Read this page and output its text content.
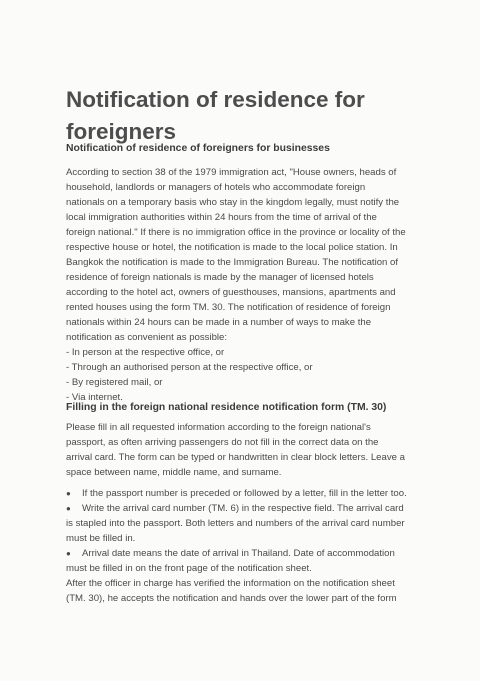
Notification of residence for
foreigners

Notification of residence of foreigners for businesses

According to section 38 of the 1979 immigration act, "House owners, heads of
household, landlords or managers of hotels who accommodate foreign
nationals on a temporary basis who stay in the kingdom legally, must notify the
local immigration authorities within 24 hours from the time of arrival of the
foreign national." If there is no immigration office in the province or locality of the
respective house or hotel, the notification is made to the local police station. In
Bangkok the notification is made to the Immigration Bureau. The notification of
residence of foreign nationals is made by the manager of licensed hotels
according to the hotel act, owners of guesthouses, mansions, apartments and
rented houses using the form TM. 30. The notification of residence of foreign
nationals within 24 hours can be made in a number of ways to make the
notification as convenient as possible:
- In person at the respective office, or
- Through an authorised person at the respective office, or
- By registered mail, or
- Via internet.

Filling in the foreign national residence notification form (TM. 30)

Please fill in all requested information according to the foreign national's
passport, as often arriving passengers do not fill in the correct data on the
arrival card. The form can be typed or handwritten in clear block letters. Leave a
space between name, middle name, and surname.
● If the passport number is preceded or followed by a letter, fill in the letter too.
● Write the arrival card number (TM. 6) in the respective field. The arrival card
is stapled into the passport. Both letters and numbers of the arrival card number
must be filled in.
● Arrival date means the date of arrival in Thailand. Date of accommodation
must be filled in on the front page of the notification sheet.
After the officer in charge has verified the information on the notification sheet
(TM. 30), he accepts the notification and hands over the lower part of the form
